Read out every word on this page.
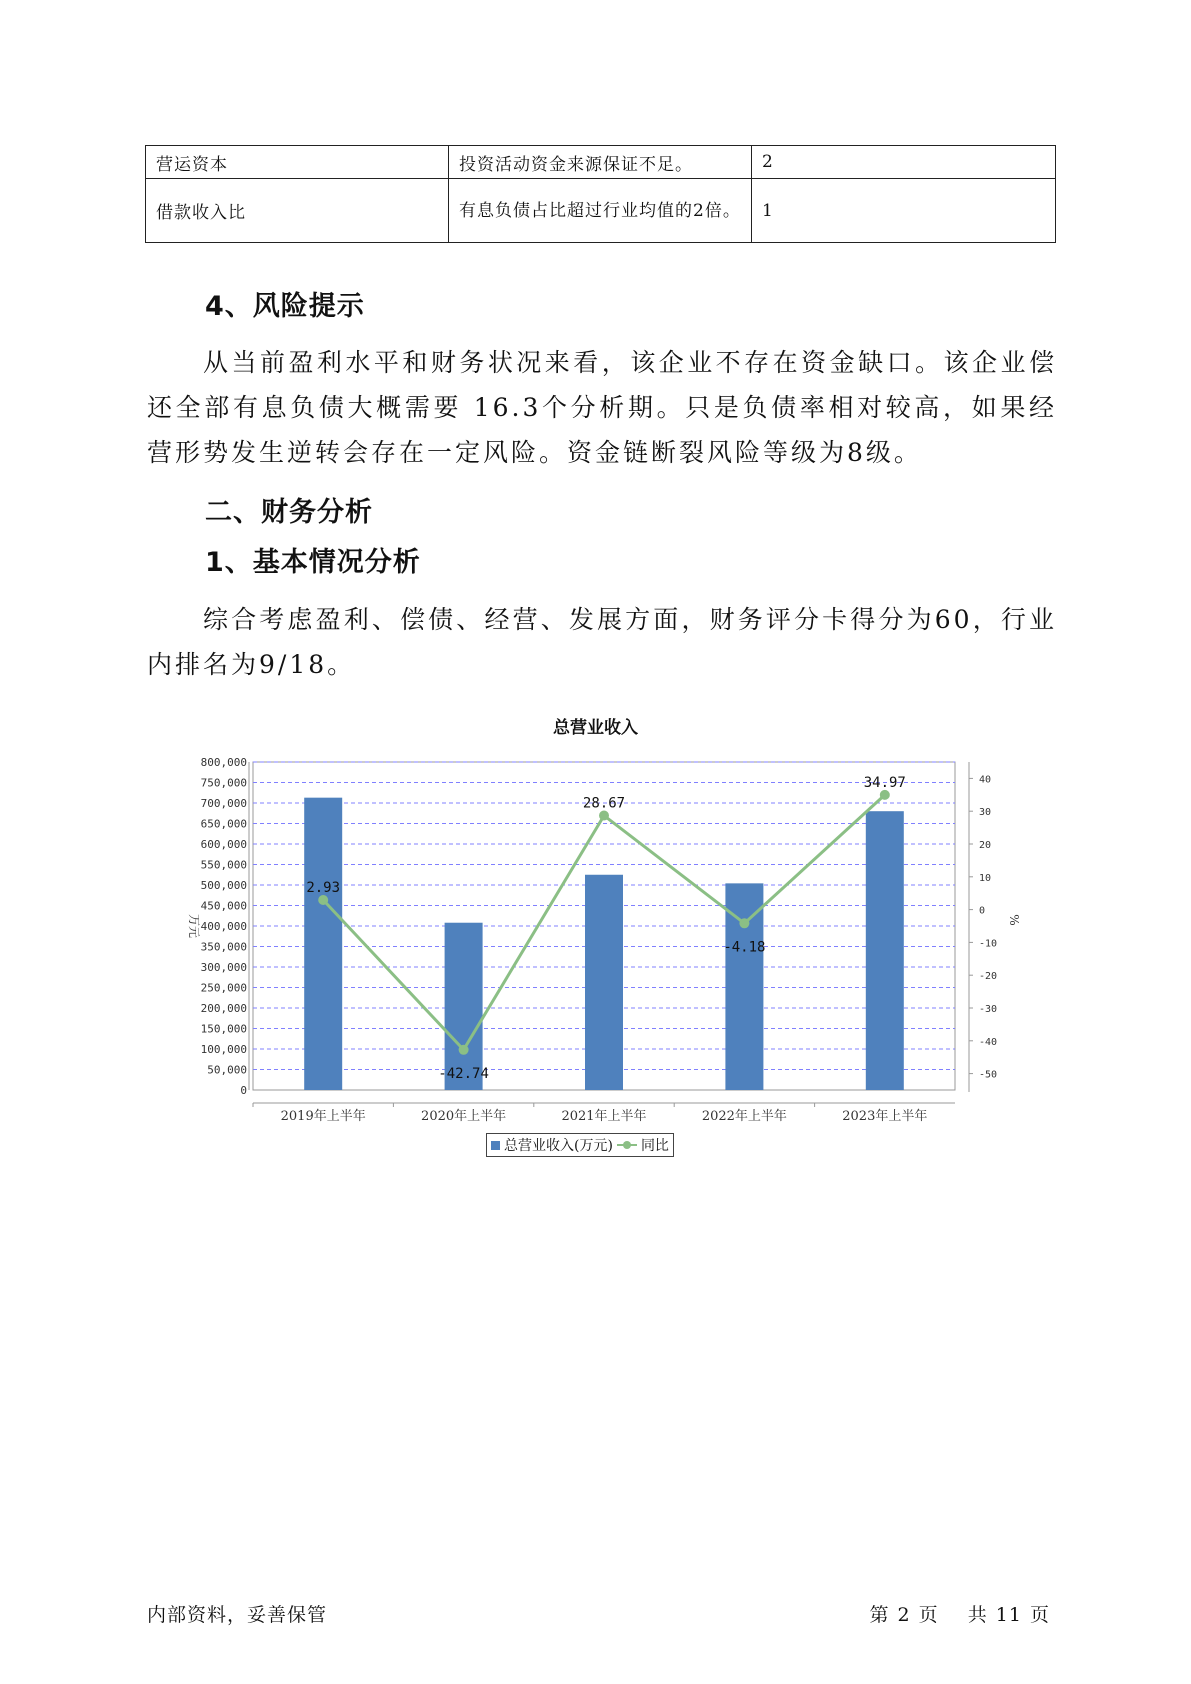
营运资本	投资活动资金来源保证不足。	2
借款收入比	有息负债占比超过行业均值的2倍。	1
4、风险提示

从当前盈利水平和财务状况来看，该企业不存在资金缺口。该企业偿还全部有息负债大概需要 16.3个分析期。只是负债率相对较高，如果经营形势发生逆转会存在一定风险。资金链断裂风险等级为8级。

二、财务分析
1、基本情况分析

综合考虑盈利、偿债、经营、发展方面，财务评分卡得分为60，行业内排名为9/18。

总营业收入
0
50,000
100,000
150,000
200,000
250,000
300,000
350,000
400,000
450,000
500,000
550,000
600,000
650,000
700,000
750,000
800,000
-50
-40
-30
-20
-10
0
10
20
30
40
万元	%
2019年上半年	2020年上半年	2021年上半年	2022年上半年	2023年上半年
2.93
-42.74
28.67
-4.18
34.97
总营业收入(万元) 同比
内部资料，妥善保管	第 2 页 共 11 页
